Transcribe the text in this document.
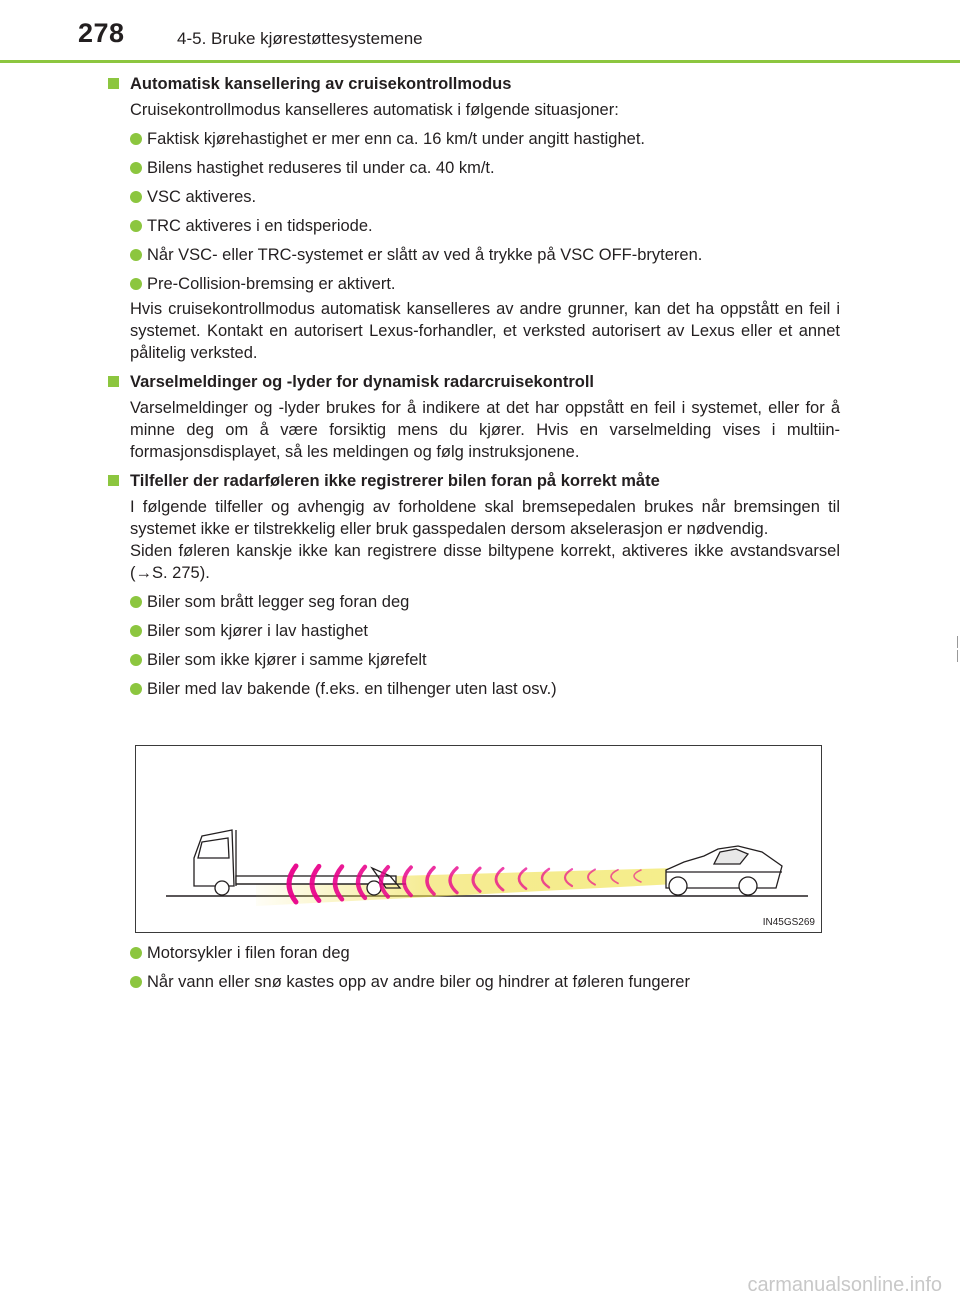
278	4-5. Bruke kjørestøttesystemene
Automatisk kansellering av cruisekontrollmodus
Cruisekontrollmodus kanselleres automatisk i følgende situasjoner:
Faktisk kjørehastighet er mer enn ca. 16 km/t under angitt hastighet.
Bilens hastighet reduseres til under ca. 40 km/t.
VSC aktiveres.
TRC aktiveres i en tidsperiode.
Når VSC- eller TRC-systemet er slått av ved å trykke på VSC OFF-bryteren.
Pre-Collision-bremsing er aktivert.
Hvis cruisekontrollmodus automatisk kanselleres av andre grunner, kan det ha oppstått en feil i systemet. Kontakt en autorisert Lexus-forhandler, et verksted autorisert av Lexus eller et annet pålitelig verksted.
Varselmeldinger og -lyder for dynamisk radarcruisekontroll
Varselmeldinger og -lyder brukes for å indikere at det har oppstått en feil i systemet, eller for å minne deg om å være forsiktig mens du kjører. Hvis en varselmelding vises i multiinformasjonsdisplayet, så les meldingen og følg instruksjonene.
Tilfeller der radarføleren ikke registrerer bilen foran på korrekt måte
I følgende tilfeller og avhengig av forholdene skal bremsepedalen brukes når bremsingen til systemet ikke er tilstrekkelig eller bruk gasspedalen dersom akselerasjon er nødvendig.
Siden føleren kanskje ikke kan registrere disse biltypene korrekt, aktiveres ikke avstandsvarsel (→S. 275).
Biler som brått legger seg foran deg
Biler som kjører i lav hastighet
Biler som ikke kjører i samme kjørefelt
Biler med lav bakende (f.eks. en tilhenger uten last osv.)
IN45GS269
Motorsykler i filen foran deg
Når vann eller snø kastes opp av andre biler og hindrer at føleren fungerer
carmanualsonline.info
